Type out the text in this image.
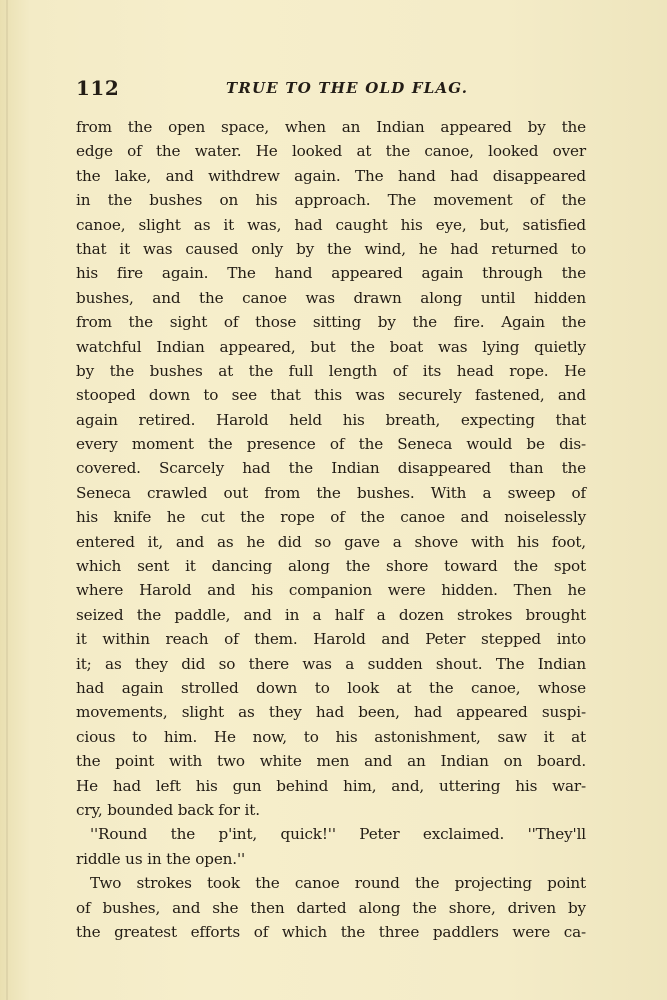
112	TRUE TO THE OLD FLAG.
from the open space, when an Indian appeared by the
edge of the water. He looked at the canoe, looked over
the lake, and withdrew again. The hand had disappeared
in the bushes on his approach. The movement of the
canoe, slight as it was, had caught his eye, but, satisfied
that it was caused only by the wind, he had returned to
his fire again. The hand appeared again through the
bushes, and the canoe was drawn along until hidden
from the sight of those sitting by the fire. Again the
watchful Indian appeared, but the boat was lying quietly
by the bushes at the full length of its head rope. He
stooped down to see that this was securely fastened, and
again retired. Harold held his breath, expecting that
every moment the presence of the Seneca would be dis-
covered. Scarcely had the Indian disappeared than the
Seneca crawled out from the bushes. With a sweep of
his knife he cut the rope of the canoe and noiselessly
entered it, and as he did so gave a shove with his foot,
which sent it dancing along the shore toward the spot
where Harold and his companion were hidden. Then he
seized the paddle, and in a half a dozen strokes brought
it within reach of them. Harold and Peter stepped into
it; as they did so there was a sudden shout. The Indian
had again strolled down to look at the canoe, whose
movements, slight as they had been, had appeared suspi-
cious to him. He now, to his astonishment, saw it at
the point with two white men and an Indian on board.
He had left his gun behind him, and, uttering his war-
cry, bounded back for it.
''Round the p'int, quick!'' Peter exclaimed. ''They'll
riddle us in the open.''
Two strokes took the canoe round the projecting point
of bushes, and she then darted along the shore, driven by
the greatest efforts of which the three paddlers were ca-
